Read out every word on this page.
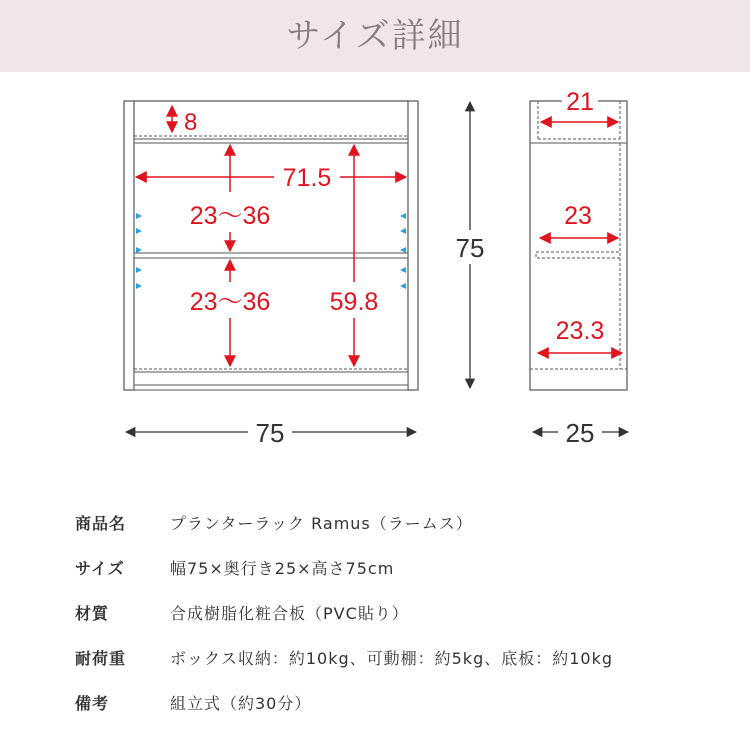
サイズ詳細
8
71.5
23〜36
23〜36 59.8
75
75
21
23
23.3
25
商品名	プランターラック Ramus（ラームス）
サイズ	幅75×奥行き25×高さ75cm
材質	合成樹脂化粧合板（PVC貼り）
耐荷重	ボックス収納：約10kg、可動棚：約5kg、底板：約10kg
備考	組立式（約30分）
